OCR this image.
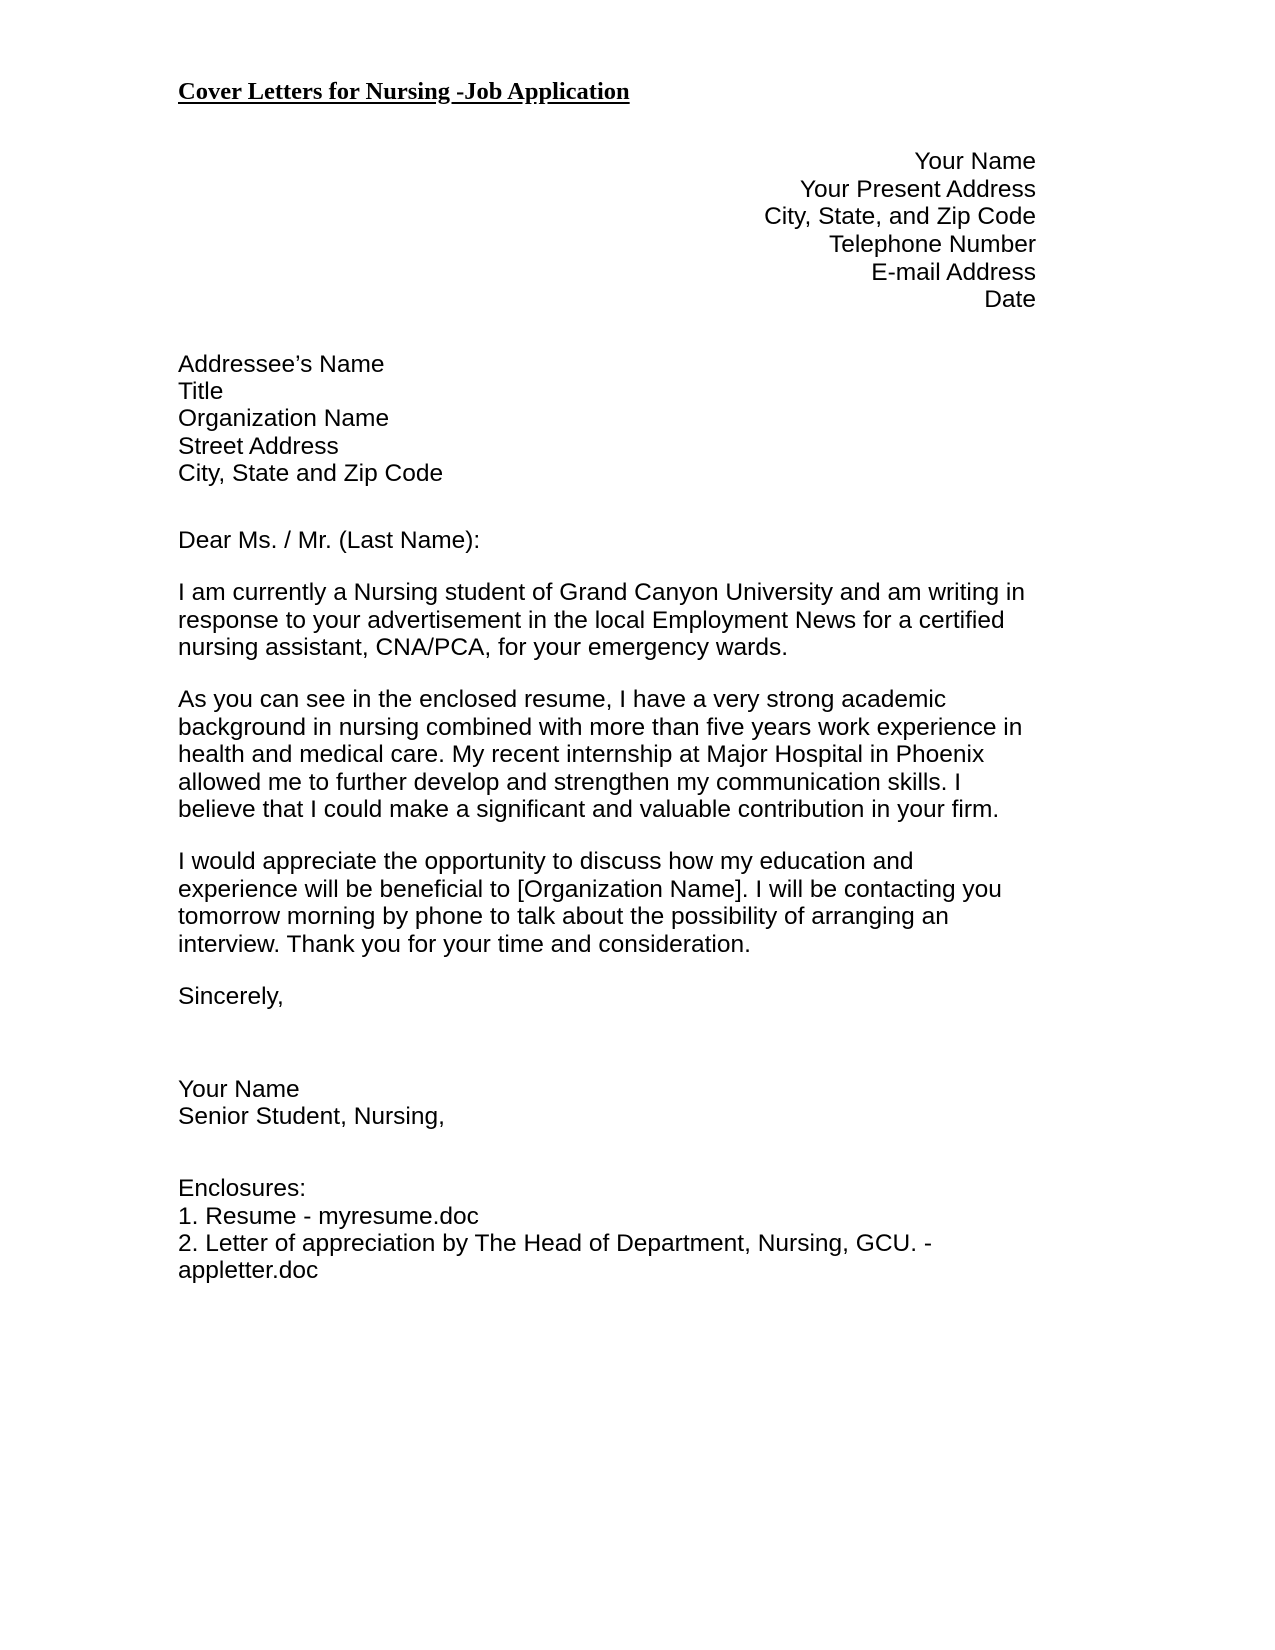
Cover Letters for Nursing -Job Application
Your Name
Your Present Address
City, State, and Zip Code
Telephone Number
E-mail Address
Date
Addressee’s Name
Title
Organization Name
Street Address
City, State and Zip Code

Dear Ms. / Mr. (Last Name):

I am currently a Nursing student of Grand Canyon University and am writing in response to your advertisement in the local Employment News for a certified nursing assistant, CNA/PCA, for your emergency wards.

As you can see in the enclosed resume, I have a very strong academic background in nursing combined with more than five years work experience in health and medical care. My recent internship at Major Hospital in Phoenix allowed me to further develop and strengthen my communication skills. I believe that I could make a significant and valuable contribution in your firm.

I would appreciate the opportunity to discuss how my education and experience will be beneficial to [Organization Name]. I will be contacting you tomorrow morning by phone to talk about the possibility of arranging an interview. Thank you for your time and consideration.

Sincerely,

Your Name
Senior Student, Nursing,
Enclosures:
1. Resume - myresume.doc
2. Letter of appreciation by The Head of Department, Nursing, GCU. - appletter.doc
